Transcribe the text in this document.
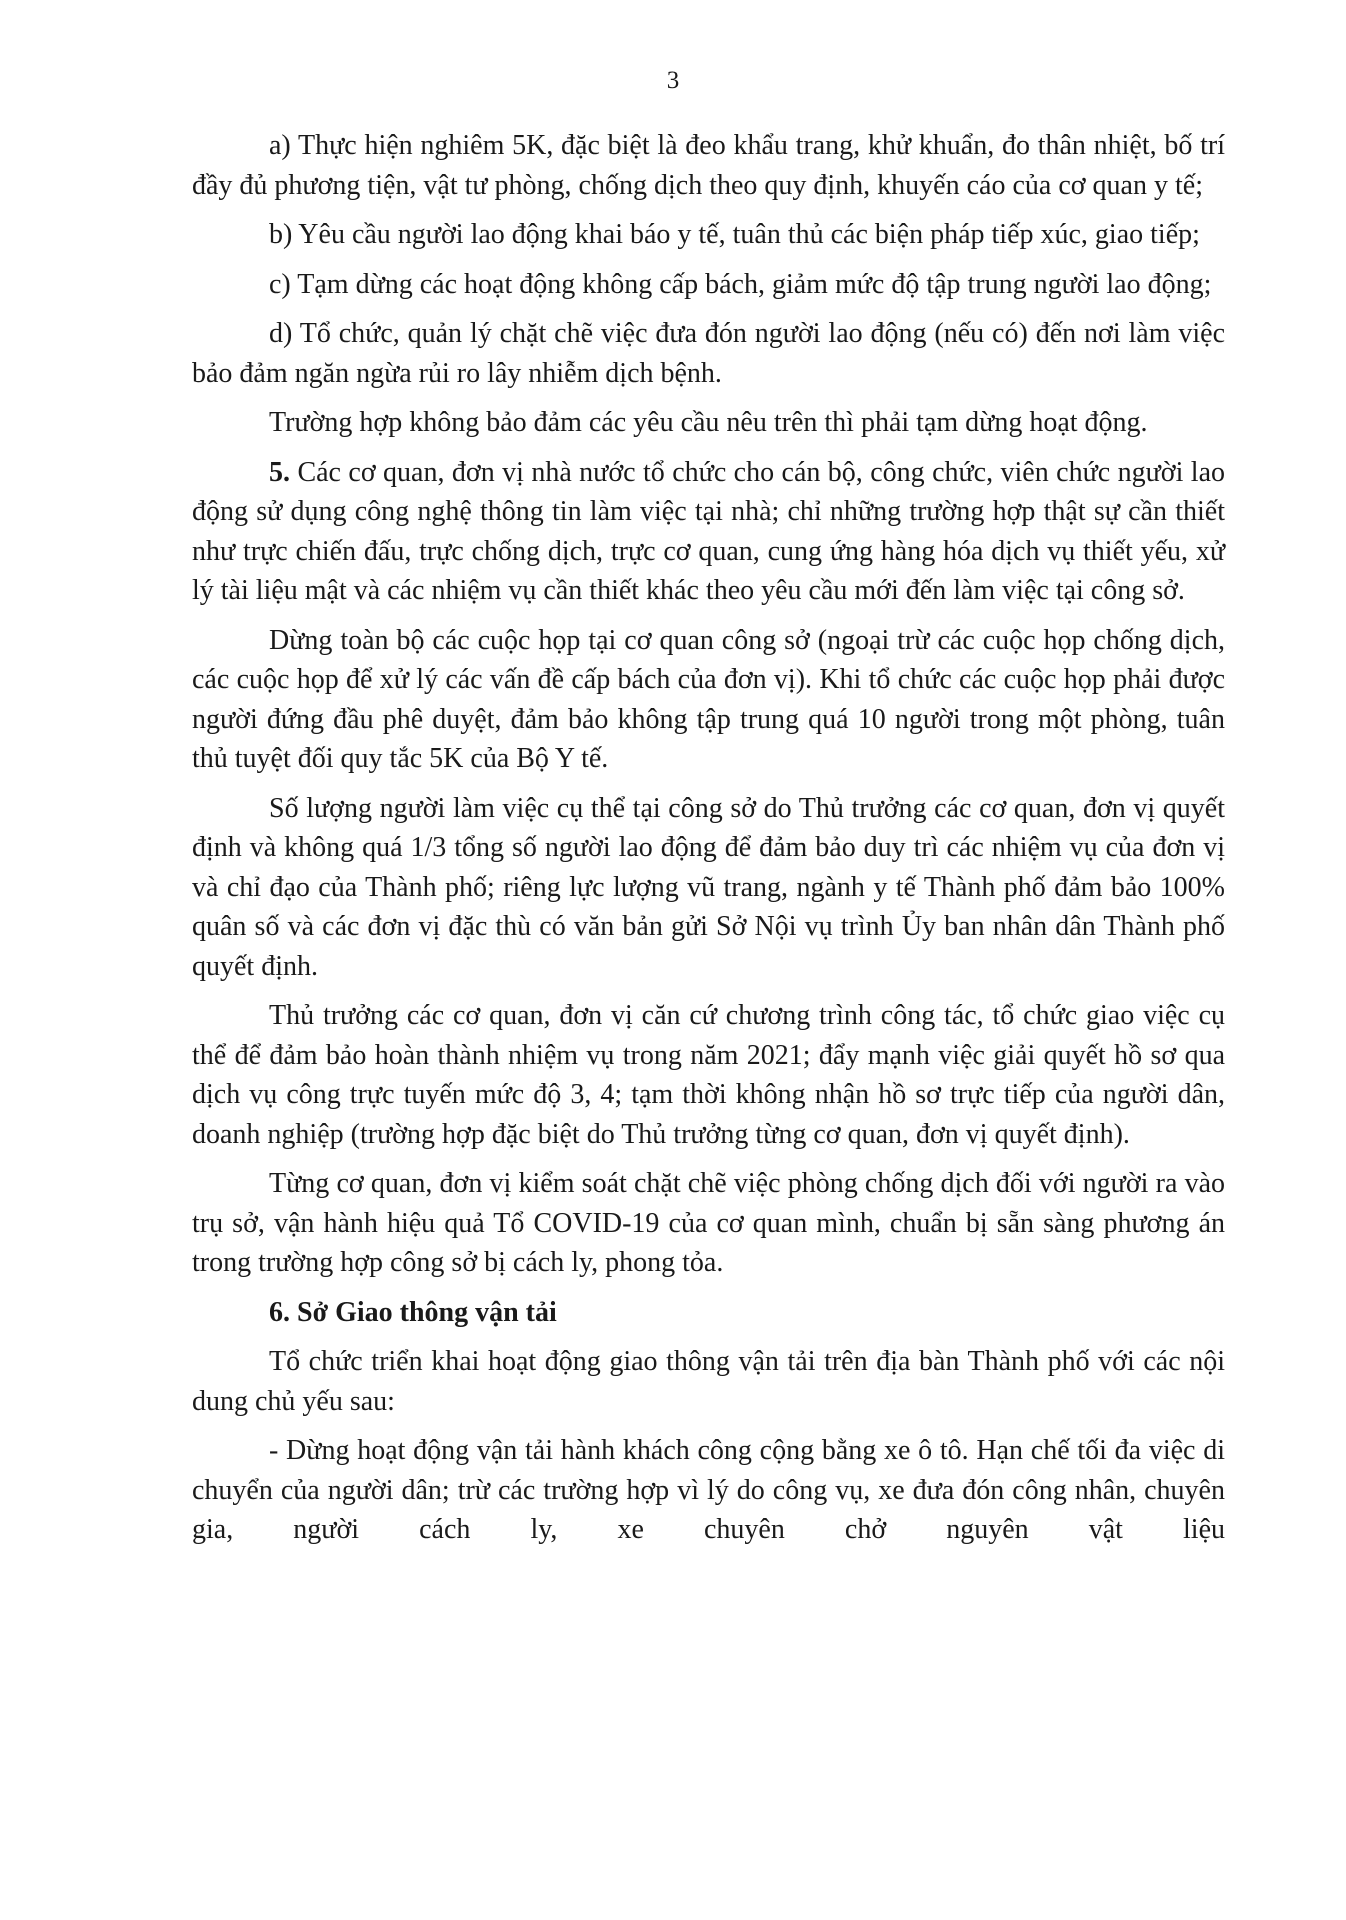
3

a) Thực hiện nghiêm 5K, đặc biệt là đeo khẩu trang, khử khuẩn, đo thân nhiệt, bố trí đầy đủ phương tiện, vật tư phòng, chống dịch theo quy định, khuyến cáo của cơ quan y tế;

b) Yêu cầu người lao động khai báo y tế, tuân thủ các biện pháp tiếp xúc, giao tiếp;

c) Tạm dừng các hoạt động không cấp bách, giảm mức độ tập trung người lao động;

d) Tổ chức, quản lý chặt chẽ việc đưa đón người lao động (nếu có) đến nơi làm việc bảo đảm ngăn ngừa rủi ro lây nhiễm dịch bệnh.

Trường hợp không bảo đảm các yêu cầu nêu trên thì phải tạm dừng hoạt động.

5. Các cơ quan, đơn vị nhà nước tổ chức cho cán bộ, công chức, viên chức người lao động sử dụng công nghệ thông tin làm việc tại nhà; chỉ những trường hợp thật sự cần thiết như trực chiến đấu, trực chống dịch, trực cơ quan, cung ứng hàng hóa dịch vụ thiết yếu, xử lý tài liệu mật và các nhiệm vụ cần thiết khác theo yêu cầu mới đến làm việc tại công sở.

Dừng toàn bộ các cuộc họp tại cơ quan công sở (ngoại trừ các cuộc họp chống dịch, các cuộc họp để xử lý các vấn đề cấp bách của đơn vị). Khi tổ chức các cuộc họp phải được người đứng đầu phê duyệt, đảm bảo không tập trung quá 10 người trong một phòng, tuân thủ tuyệt đối quy tắc 5K của Bộ Y tế.

Số lượng người làm việc cụ thể tại công sở do Thủ trưởng các cơ quan, đơn vị quyết định và không quá 1/3 tổng số người lao động để đảm bảo duy trì các nhiệm vụ của đơn vị và chỉ đạo của Thành phố; riêng lực lượng vũ trang, ngành y tế Thành phố đảm bảo 100% quân số và các đơn vị đặc thù có văn bản gửi Sở Nội vụ trình Ủy ban nhân dân Thành phố quyết định.

Thủ trưởng các cơ quan, đơn vị căn cứ chương trình công tác, tổ chức giao việc cụ thể để đảm bảo hoàn thành nhiệm vụ trong năm 2021; đẩy mạnh việc giải quyết hồ sơ qua dịch vụ công trực tuyến mức độ 3, 4; tạm thời không nhận hồ sơ trực tiếp của người dân, doanh nghiệp (trường hợp đặc biệt do Thủ trưởng từng cơ quan, đơn vị quyết định).

Từng cơ quan, đơn vị kiểm soát chặt chẽ việc phòng chống dịch đối với người ra vào trụ sở, vận hành hiệu quả Tổ COVID-19 của cơ quan mình, chuẩn bị sẵn sàng phương án trong trường hợp công sở bị cách ly, phong tỏa.

6. Sở Giao thông vận tải

Tổ chức triển khai hoạt động giao thông vận tải trên địa bàn Thành phố với các nội dung chủ yếu sau:

- Dừng hoạt động vận tải hành khách công cộng bằng xe ô tô. Hạn chế tối đa việc di chuyển của người dân; trừ các trường hợp vì lý do công vụ, xe đưa đón công nhân, chuyên gia, người cách ly, xe chuyên chở nguyên vật liệu
